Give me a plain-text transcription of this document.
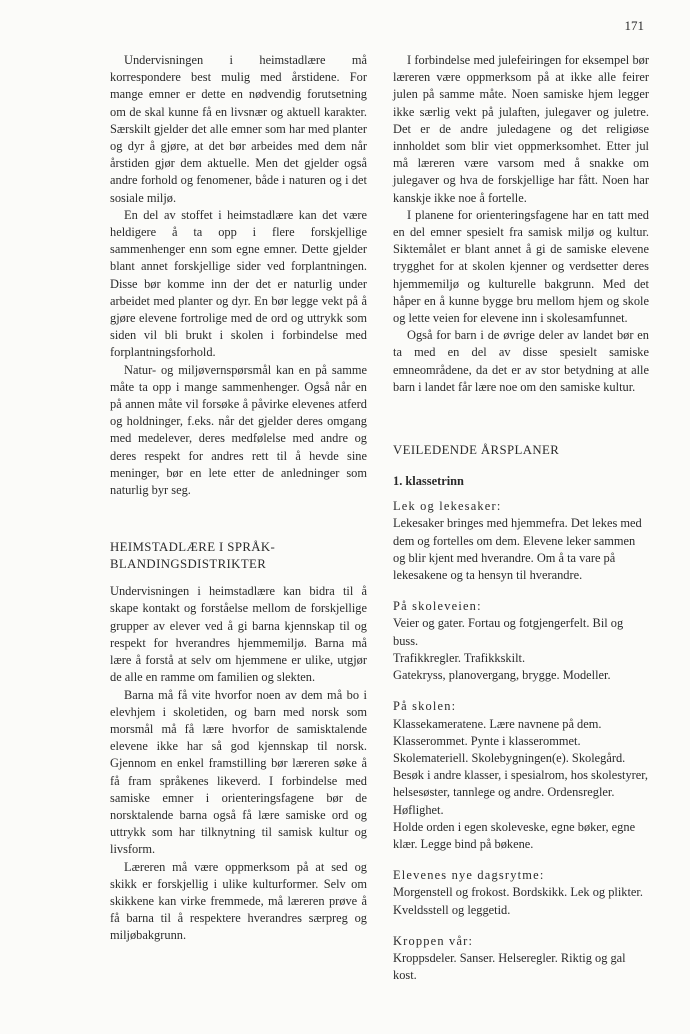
171

Undervisningen i heimstadlære må korrespondere best mulig med årstidene. For mange emner er dette en nødvendig forutsetning om de skal kunne få en livsnær og aktuell karakter. Særskilt gjelder det alle emner som har med planter og dyr å gjøre, at det bør arbeides med dem når årstiden gjør dem aktuelle. Men det gjelder også andre forhold og fenomener, både i naturen og i det sosiale miljø.

En del av stoffet i heimstadlære kan det være heldigere å ta opp i flere forskjellige sammenhenger enn som egne emner. Dette gjelder blant annet forskjellige sider ved forplantningen. Disse bør komme inn der det er naturlig under arbeidet med planter og dyr. En bør legge vekt på å gjøre elevene fortrolige med de ord og uttrykk som siden vil bli brukt i skolen i forbindelse med forplantningsforhold.

Natur- og miljøvernspørsmål kan en på samme måte ta opp i mange sammenhenger. Også når en på annen måte vil forsøke å påvirke elevenes atferd og holdninger, f.eks. når det gjelder deres omgang med medelever, deres medfølelse med andre og deres respekt for andres rett til å hevde sine meninger, bør en lete etter de anledninger som naturlig byr seg.

HEIMSTADLÆRE I SPRÅK-
BLANDINGSDISTRIKTER

Undervisningen i heimstadlære kan bidra til å skape kontakt og forståelse mellom de forskjellige grupper av elever ved å gi barna kjennskap til og respekt for hverandres hjemmemiljø. Barna må lære å forstå at selv om hjemmene er ulike, utgjør de alle en ramme om familien og slekten.

Barna må få vite hvorfor noen av dem må bo i elevhjem i skoletiden, og barn med norsk som morsmål må få lære hvorfor de samisktalende elevene ikke har så god kjennskap til norsk. Gjennom en enkel framstilling bør læreren søke å få fram språkenes likeverd. I forbindelse med samiske emner i orienteringsfagene bør de norsktalende barna også få lære samiske ord og uttrykk som har tilknytning til samisk kultur og livsform.

Læreren må være oppmerksom på at sed og skikk er forskjellig i ulike kulturformer. Selv om skikkene kan virke fremmede, må læreren prøve å få barna til å respektere hverandres særpreg og miljøbakgrunn.

I forbindelse med julefeiringen for eksempel bør læreren være oppmerksom på at ikke alle feirer julen på samme måte. Noen samiske hjem legger ikke særlig vekt på julaften, julegaver og juletre. Det er de andre juledagene og det religiøse innholdet som blir viet oppmerksomhet. Etter jul må læreren være varsom med å snakke om julegaver og hva de forskjellige har fått. Noen har kanskje ikke noe å fortelle.

I planene for orienteringsfagene har en tatt med en del emner spesielt fra samisk miljø og kultur. Siktemålet er blant annet å gi de samiske elevene trygghet for at skolen kjenner og verdsetter deres hjemmemiljø og kulturelle bakgrunn. Med det håper en å kunne bygge bru mellom hjem og skole og lette veien for elevene inn i skolesamfunnet.

Også for barn i de øvrige deler av landet bør en ta med en del av disse spesielt samiske emneområdene, da det er av stor betydning at alle barn i landet får lære noe om den samiske kultur.

VEILEDENDE ÅRSPLANER
1. klassetrinn
Lek og lekesaker:
Lekesaker bringes med hjemmefra. Det lekes med dem og fortelles om dem. Elevene leker sammen og blir kjent med hverandre. Om å ta vare på lekesakene og ta hensyn til hverandre.
På skoleveien:
Veier og gater. Fortau og fotgjengerfelt. Bil og buss.
Trafikkregler. Trafikkskilt.
Gatekryss, planovergang, brygge. Modeller.
På skolen:
Klassekameratene. Lære navnene på dem.
Klasserommet. Pynte i klasserommet. Skolemateriell. Skolebygningen(e). Skolegård.
Besøk i andre klasser, i spesialrom, hos skolestyrer, helsesøster, tannlege og andre. Ordensregler. Høflighet.
Holde orden i egen skoleveske, egne bøker, egne klær. Legge bind på bøkene.
Elevenes nye dagsrytme:
Morgenstell og frokost. Bordskikk. Lek og plikter. Kveldsstell og leggetid.
Kroppen vår:
Kroppsdeler. Sanser. Helseregler. Riktig og gal kost.
